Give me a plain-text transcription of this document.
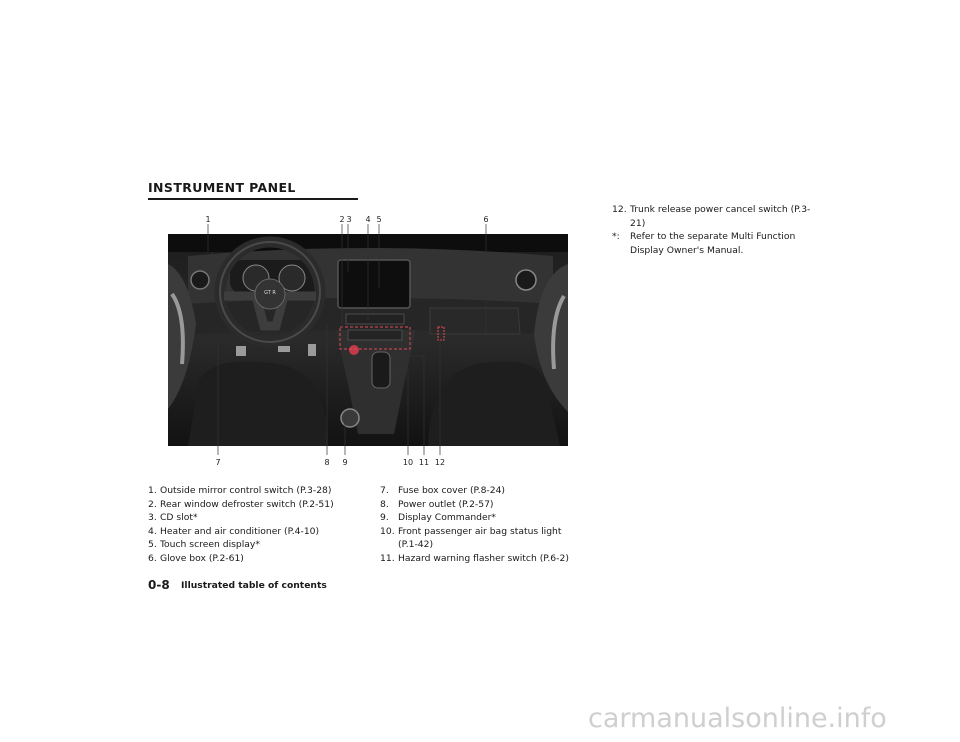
INSTRUMENT PANEL
GT R
1	2 3 4 5	6
7	8 9	10 11 12
1. Outside mirror control switch (P.3-28)
2. Rear window defroster switch (P.2-51)
3. CD slot*
4. Heater and air conditioner (P.4-10)
5. Touch screen display*
6. Glove box (P.2-61)
7.	Fuse box cover (P.8-24)
8.	Power outlet (P.2-57)
9.	Display Commander*
10. Front passenger air bag status light (P.1-42)
11. Hazard warning flasher switch (P.6-2)
12. Trunk release power cancel switch (P.3-21)
*:	Refer to the separate Multi Function Display Owner's Manual.
0-8 Illustrated table of contents
carmanualsonline.info
